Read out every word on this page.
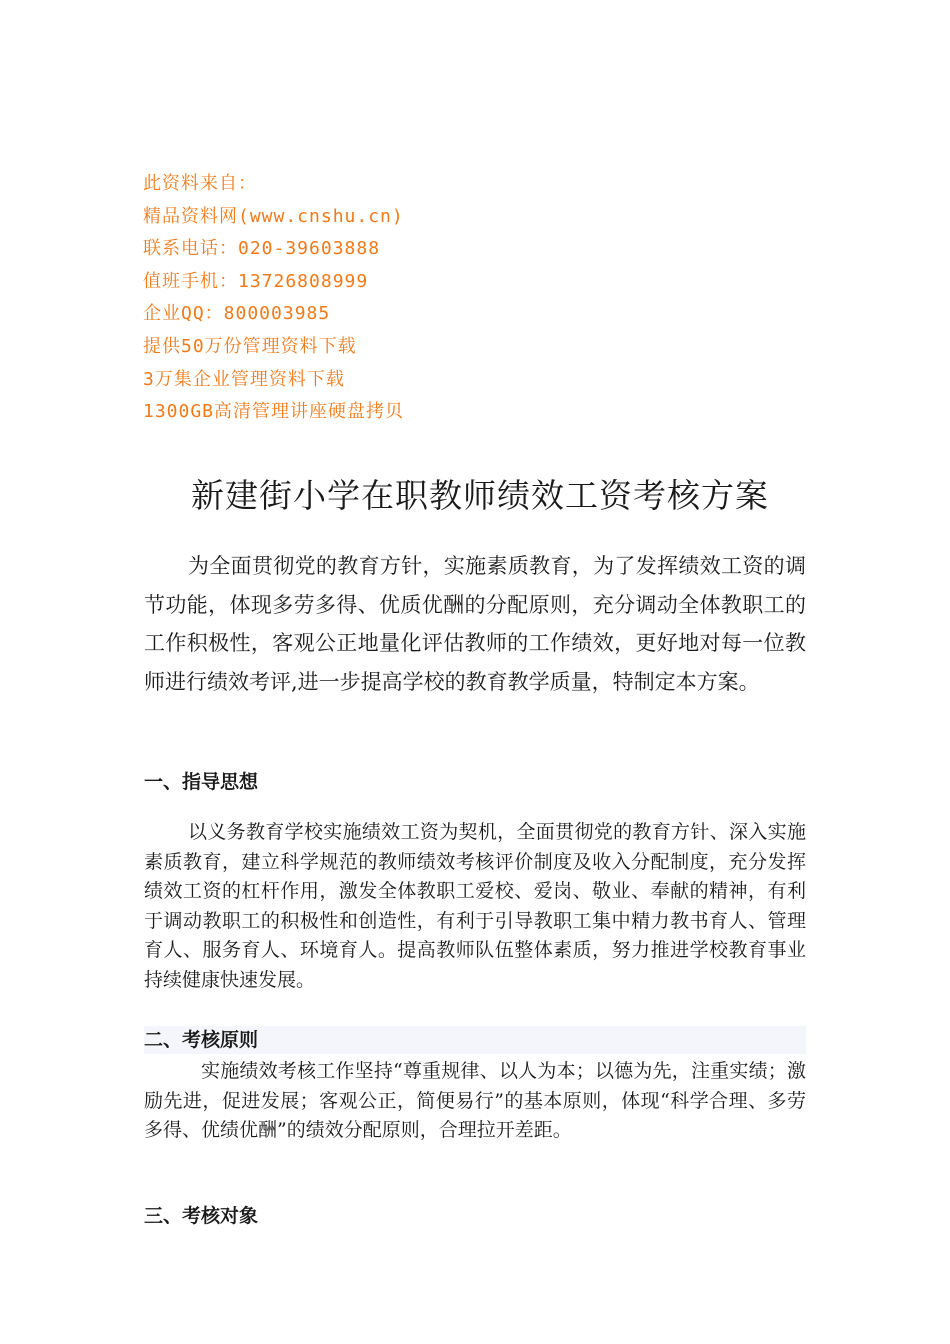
此资料来自：
精品资料网(www.cnshu.cn)
联系电话：020-39603888
值班手机：13726808999
企业QQ：800003985
提供50万份管理资料下载
3万集企业管理资料下载
1300GB高清管理讲座硬盘拷贝
新建街小学在职教师绩效工资考核方案

为全面贯彻党的教育方针，实施素质教育，为了发挥绩效工资的调节功能，体现多劳多得、优质优酬的分配原则，充分调动全体教职工的工作积极性，客观公正地量化评估教师的工作绩效，更好地对每一位教师进行绩效考评,进一步提高学校的教育教学质量，特制定本方案。

一、指导思想

以义务教育学校实施绩效工资为契机，全面贯彻党的教育方针、深入实施素质教育，建立科学规范的教师绩效考核评价制度及收入分配制度，充分发挥绩效工资的杠杆作用，激发全体教职工爱校、爱岗、敬业、奉献的精神，有利于调动教职工的积极性和创造性，有利于引导教职工集中精力教书育人、管理育人、服务育人、环境育人。提高教师队伍整体素质，努力推进学校教育事业持续健康快速发展。

二、考核原则

实施绩效考核工作坚持“尊重规律、以人为本；以德为先，注重实绩；激励先进，促进发展；客观公正，简便易行”的基本原则，体现“科学合理、多劳多得、优绩优酬”的绩效分配原则，合理拉开差距。

三、考核对象
